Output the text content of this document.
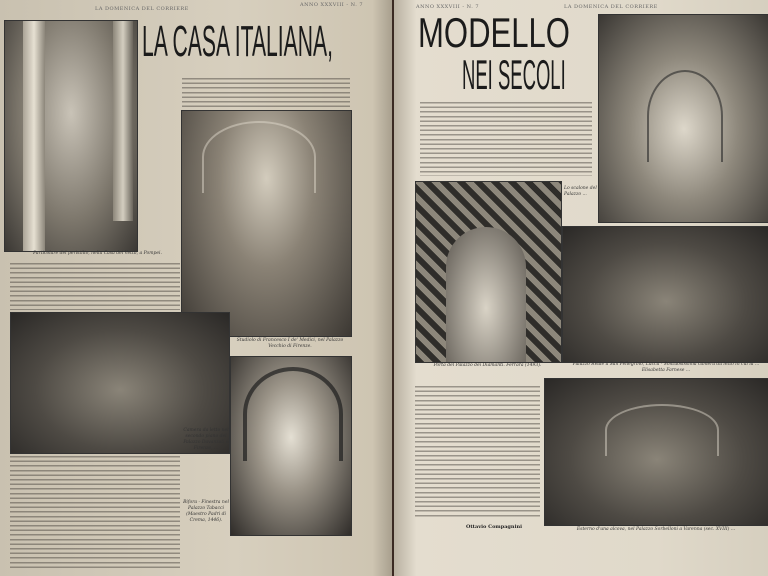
LA DOMENICA DEL CORRIERE
ANNO XXXVIII - N. 7
LA CASA ITALIANA,
Particolare del peristilio, nella Casa dei Vettii, a Pompei.
Studiolo di Francesco I de' Medici, nel Palazzo Vecchio di Firenze.
Camera da letto nel secondo piano del Palazzo Davanzati a Firenze, ...
Bifora - Finestra nel Palazzo Tabacci (Maestro Padri di Crema, 1446).
ANNO XXXVIII - N. 7	LA DOMENICA DEL CORRIERE
MODELLO
NEI SECOLI
Lo scalone del Palazzo ...
Porta del Palazzo dei Diamanti. Ferrara (1493).	Palazzo Reale a San Pellegrino, Lucca - Sontuosissima camera da letto in cui la ... Elisabetta Farnese ...
Ottavio Compagnini	Esterno d'una alcova, nel Palazzo Sorbelloni a Varenna (sec. XVIII) ...
